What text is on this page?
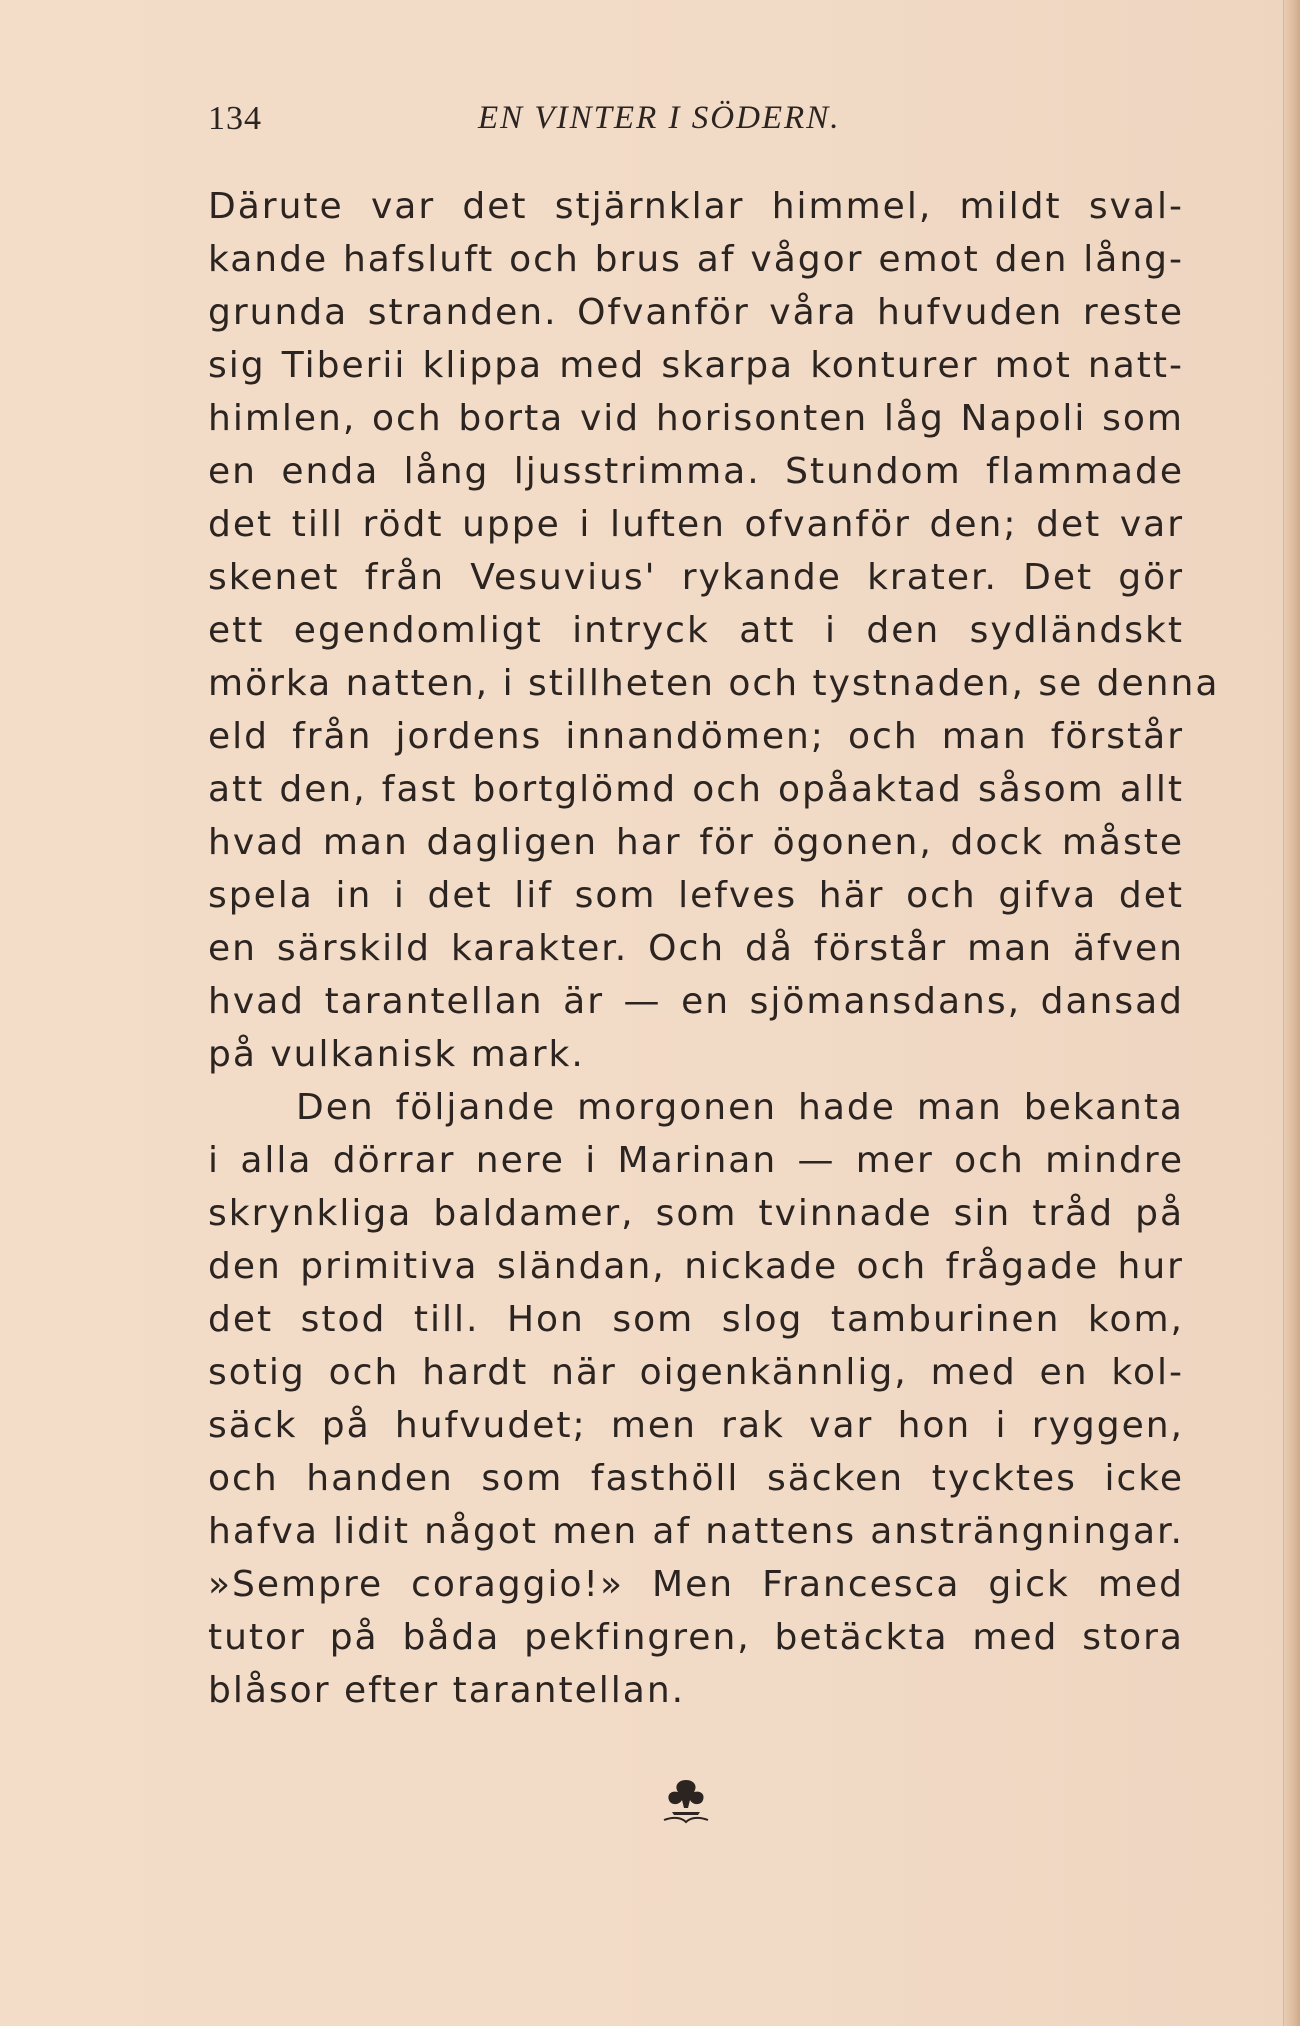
134	EN VINTER I SÖDERN.
Därute var det stjärnklar himmel, mildt sval-
kande hafsluft och brus af vågor emot den lång-
grunda stranden. Ofvanför våra hufvuden reste
sig Tiberii klippa med skarpa konturer mot natt-
himlen, och borta vid horisonten låg Napoli som
en enda lång ljusstrimma. Stundom flammade
det till rödt uppe i luften ofvanför den; det var
skenet från Vesuvius' rykande krater. Det gör
ett egendomligt intryck att i den sydländskt
mörka natten, i stillheten och tystnaden, se denna
eld från jordens innandömen; och man förstår
att den, fast bortglömd och opåaktad såsom allt
hvad man dagligen har för ögonen, dock måste
spela in i det lif som lefves här och gifva det
en särskild karakter. Och då förstår man äfven
hvad tarantellan är — en sjömansdans, dansad
på vulkanisk mark.
Den följande morgonen hade man bekanta
i alla dörrar nere i Marinan — mer och mindre
skrynkliga baldamer, som tvinnade sin tråd på
den primitiva sländan, nickade och frågade hur
det stod till. Hon som slog tamburinen kom,
sotig och hardt när oigenkännlig, med en kol-
säck på hufvudet; men rak var hon i ryggen,
och handen som fasthöll säcken tycktes icke
hafva lidit något men af nattens ansträngningar.
»Sempre coraggio!» Men Francesca gick med
tutor på båda pekfingren, betäckta med stora
blåsor efter tarantellan.
